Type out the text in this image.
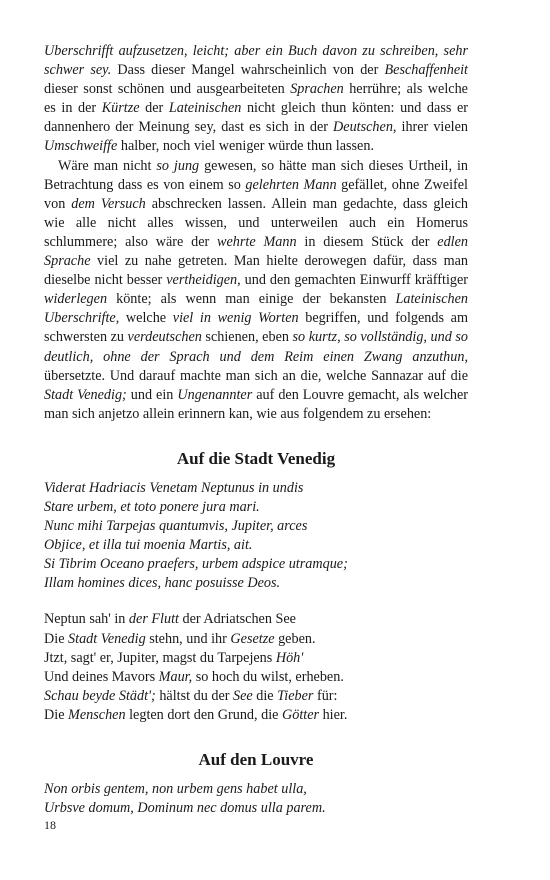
Uberschrifft aufzusetzen, leicht; aber ein Buch davon zu schreiben, sehr schwer sey. Dass dieser Mangel wahrscheinlich von der Beschaffenheit dieser sonst schönen und ausgearbeiteten Sprachen herrühre; als welche es in der Kürtze der Lateinischen nicht gleich thun könten: und dass er dannenhero der Meinung sey, dast es sich in der Deutschen, ihrer vielen Umschweiffe halber, noch viel weniger würde thun lassen.

Wäre man nicht so jung gewesen, so hätte man sich dieses Urtheil, in Betrachtung dass es von einem so gelehrten Mann gefället, ohne Zweifel von dem Versuch abschrecken lassen. Allein man gedachte, dass gleich wie alle nicht alles wissen, und unterweilen auch ein Homerus schlummere; also wäre der wehrte Mann in diesem Stück der edlen Sprache viel zu nahe getreten. Man hielte derowegen dafür, dass man dieselbe nicht besser vertheidigen, und den gemachten Einwurff kräfftiger widerlegen könte; als wenn man einige der bekansten Lateinischen Uberschrifte, welche viel in wenig Worten begriffen, und folgends am schwersten zu verdeutschen schienen, eben so kurtz, so vollständig, und so deutlich, ohne der Sprach und dem Reim einen Zwang anzuthun, übersetzte. Und darauf machte man sich an die, welche Sannazar auf die Stadt Venedig; und ein Ungenannter auf den Louvre gemacht, als welcher man sich anjetzo allein erinnern kan, wie aus folgendem zu ersehen:

Auf die Stadt Venedig
Viderat Hadriacis Venetam Neptunus in undis
Stare urbem, et toto ponere jura mari.
Nunc mihi Tarpejas quantumvis, Jupiter, arces
Objice, et illa tui moenia Martis, ait.
Si Tibrim Oceano praefers, urbem adspice utramque;
Illam homines dices, hanc posuisse Deos.
Neptun sah' in der Flutt der Adriatschen See
Die Stadt Venedig stehn, und ihr Gesetze geben.
Jtzt, sagt' er, Jupiter, magst du Tarpejens Höh'
Und deines Mavors Maur, so hoch du wilst, erheben.
Schau beyde Städt'; hältst du der See die Tieber für:
Die Menschen legten dort den Grund, die Götter hier.
Auf den Louvre
Non orbis gentem, non urbem gens habet ulla,
Urbsve domum, Dominum nec domus ulla parem.
18
